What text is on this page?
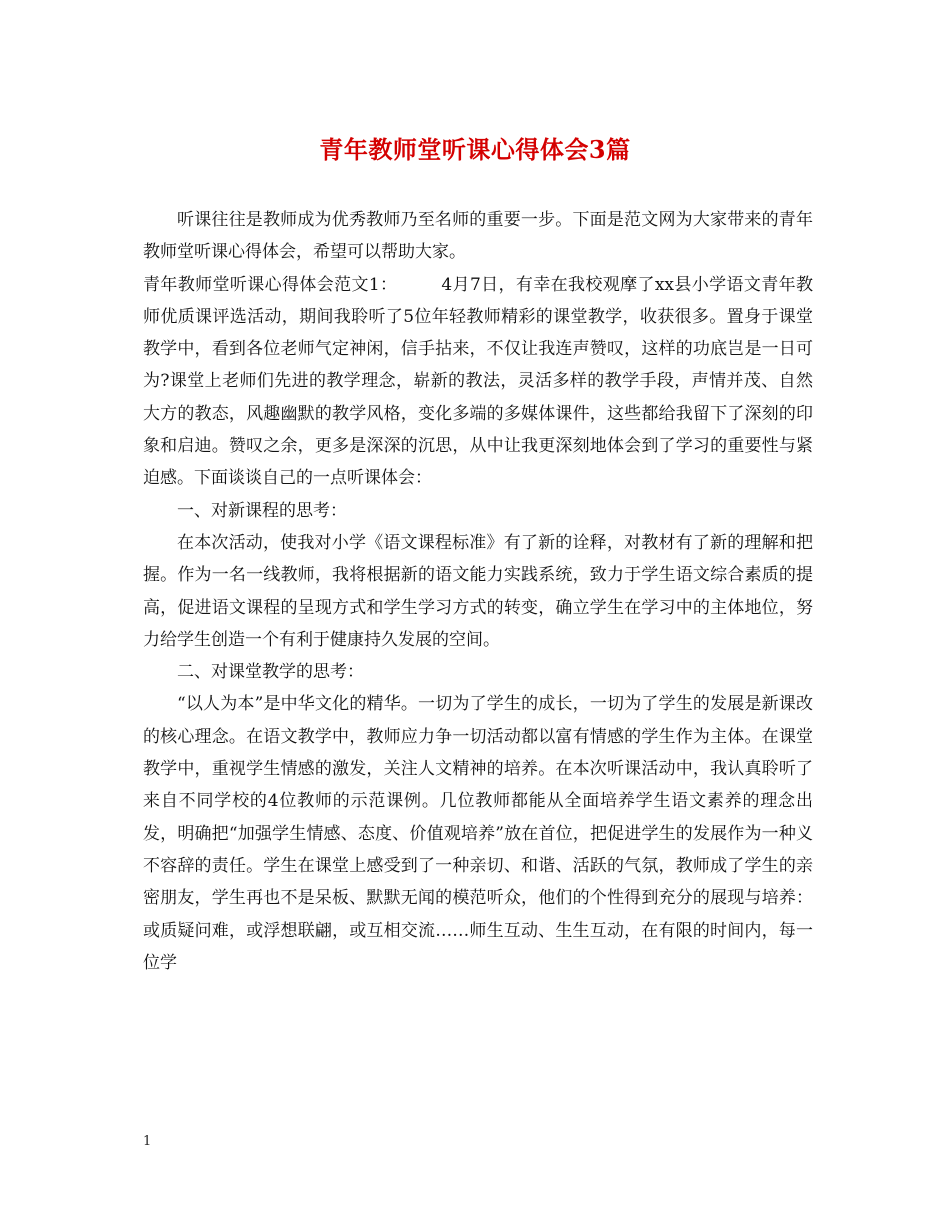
青年教师堂听课心得体会3篇

听课往往是教师成为优秀教师乃至名师的重要一步。下面是范文网为大家带来的青年教师堂听课心得体会，希望可以帮助大家。

青年教师堂听课心得体会范文1：	4月7日，有幸在我校观摩了xx县小学语文青年教师优质课评选活动，期间我聆听了5位年轻教师精彩的课堂教学，收获很多。置身于课堂教学中，看到各位老师气定神闲，信手拈来，不仅让我连声赞叹，这样的功底岂是一日可为?课堂上老师们先进的教学理念，崭新的教法，灵活多样的教学手段，声情并茂、自然大方的教态，风趣幽默的教学风格，变化多端的多媒体课件，这些都给我留下了深刻的印象和启迪。赞叹之余，更多是深深的沉思，从中让我更深刻地体会到了学习的重要性与紧迫感。下面谈谈自己的一点听课体会：

一、对新课程的思考：

在本次活动，使我对小学《语文课程标准》有了新的诠释，对教材有了新的理解和把握。作为一名一线教师，我将根据新的语文能力实践系统，致力于学生语文综合素质的提高，促进语文课程的呈现方式和学生学习方式的转变，确立学生在学习中的主体地位，努力给学生创造一个有利于健康持久发展的空间。

二、对课堂教学的思考：

“以人为本”是中华文化的精华。一切为了学生的成长，一切为了学生的发展是新课改的核心理念。在语文教学中，教师应力争一切活动都以富有情感的学生作为主体。在课堂教学中，重视学生情感的激发，关注人文精神的培养。在本次听课活动中，我认真聆听了来自不同学校的4位教师的示范课例。几位教师都能从全面培养学生语文素养的理念出发，明确把“加强学生情感、态度、价值观培养”放在首位，把促进学生的发展作为一种义不容辞的责任。学生在课堂上感受到了一种亲切、和谐、活跃的气氛，教师成了学生的亲密朋友，学生再也不是呆板、默默无闻的模范听众，他们的个性得到充分的展现与培养：或质疑问难，或浮想联翩，或互相交流……师生互动、生生互动，在有限的时间内，每一位学

1
